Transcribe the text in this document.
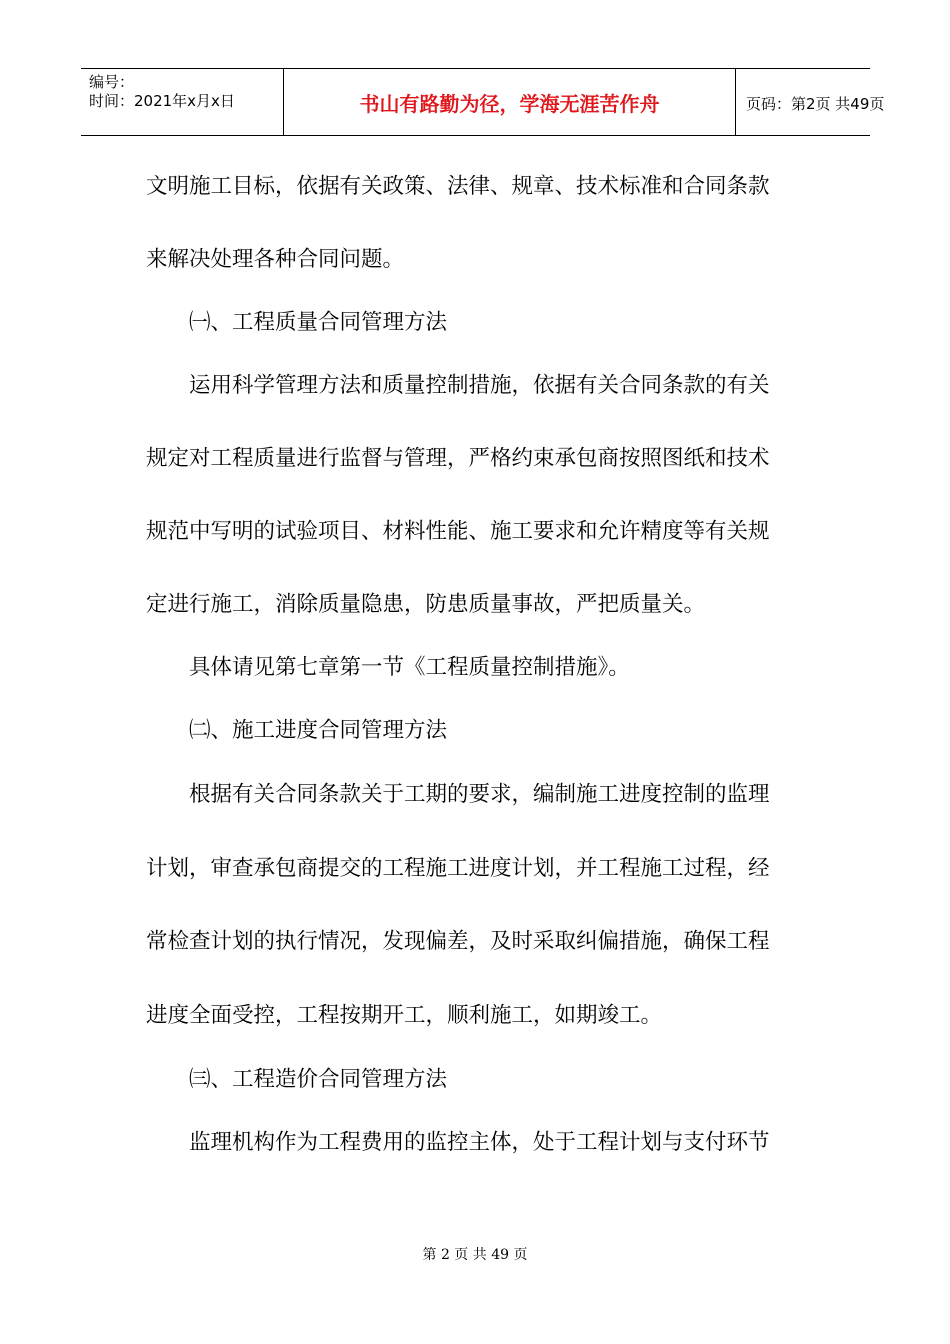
编号：
时间：2021年x月x日	书山有路勤为径，学海无涯苦作舟	页码：第2页 共49页
文明施工目标，依据有关政策、法律、规章、技术标准和合同条款
来解决处理各种合同问题。
㈠、工程质量合同管理方法
运用科学管理方法和质量控制措施，依据有关合同条款的有关
规定对工程质量进行监督与管理，严格约束承包商按照图纸和技术
规范中写明的试验项目、材料性能、施工要求和允许精度等有关规
定进行施工，消除质量隐患，防患质量事故，严把质量关。
具体请见第七章第一节《工程质量控制措施》。
㈡、施工进度合同管理方法
根据有关合同条款关于工期的要求，编制施工进度控制的监理
计划，审查承包商提交的工程施工进度计划，并工程施工过程，经
常检查计划的执行情况，发现偏差，及时采取纠偏措施，确保工程
进度全面受控，工程按期开工，顺利施工，如期竣工。
㈢、工程造价合同管理方法
监理机构作为工程费用的监控主体，处于工程计划与支付环节
第 2 页 共 49 页
